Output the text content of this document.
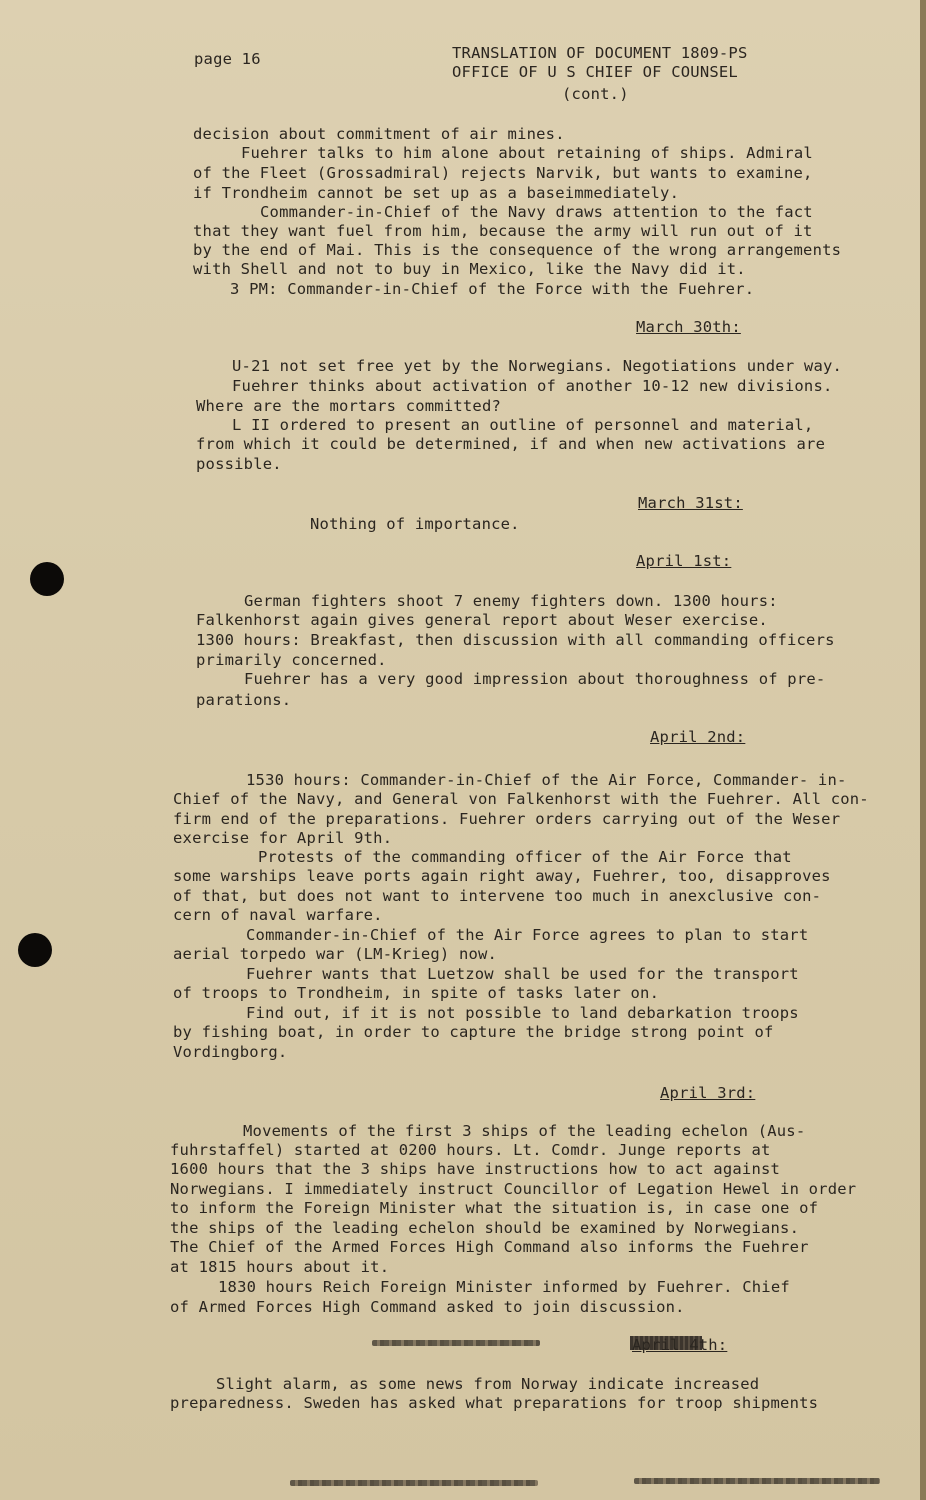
page 16	TRANSLATION OF DOCUMENT 1809-PS
OFFICE OF U S CHIEF OF COUNSEL
(cont.)
decision about commitment of air mines.
Fuehrer talks to him alone about retaining of ships. Admiral
of the Fleet (Grossadmiral) rejects Narvik, but wants to examine,
if Trondheim cannot be set up as a baseimmediately.
Commander-in-Chief of the Navy draws attention to the fact
that they want fuel from him, because the army will run out of it
by the end of Mai. This is the consequence of the wrong arrangements
with Shell and not to buy in Mexico, like the Navy did it.
3 PM: Commander-in-Chief of the Force with the Fuehrer.
March 30th:
U-21 not set free yet by the Norwegians. Negotiations under way.
Fuehrer thinks about activation of another 10-12 new divisions.
Where are the mortars committed?
L II ordered to present an outline of personnel and material,
from which it could be determined, if and when new activations are
possible.
March 31st:
Nothing of importance.
April 1st:
German fighters shoot 7 enemy fighters down. 1300 hours:
Falkenhorst again gives general report about Weser exercise.
1300 hours: Breakfast, then discussion with all commanding officers
primarily concerned.
Fuehrer has a very good impression about thoroughness of pre-
parations.
April 2nd:
1530 hours: Commander-in-Chief of the Air Force, Commander- in-
Chief of the Navy, and General von Falkenhorst with the Fuehrer. All con-
firm end of the preparations. Fuehrer orders carrying out of the Weser
exercise for April 9th.
Protests of the commanding officer of the Air Force that
some warships leave ports again right away, Fuehrer, too, disapproves
of that, but does not want to intervene too much in anexclusive con-
cern of naval warfare.
Commander-in-Chief of the Air Force agrees to plan to start
aerial torpedo war (LM-Krieg) now.
Fuehrer wants that Luetzow shall be used for the transport
of troops to Trondheim, in spite of tasks later on.
Find out, if it is not possible to land debarkation troops
by fishing boat, in order to capture the bridge strong point of
Vordingborg.
April 3rd:
Movements of the first 3 ships of the leading echelon (Aus-
fuhrstaffel) started at 0200 hours. Lt. Comdr. Junge reports at
1600 hours that the 3 ships have instructions how to act against
Norwegians. I immediately instruct Councillor of Legation Hewel in order
to inform the Foreign Minister what the situation is, in case one of
the ships of the leading echelon should be examined by Norwegians.
The Chief of the Armed Forces High Command also informs the Fuehrer
at 1815 hours about it.
1830 hours Reich Foreign Minister informed by Fuehrer. Chief
of Armed Forces High Command asked to join discussion.
April 4th:
Slight alarm, as some news from Norway indicate increased
preparedness. Sweden has asked what preparations for troop shipments
